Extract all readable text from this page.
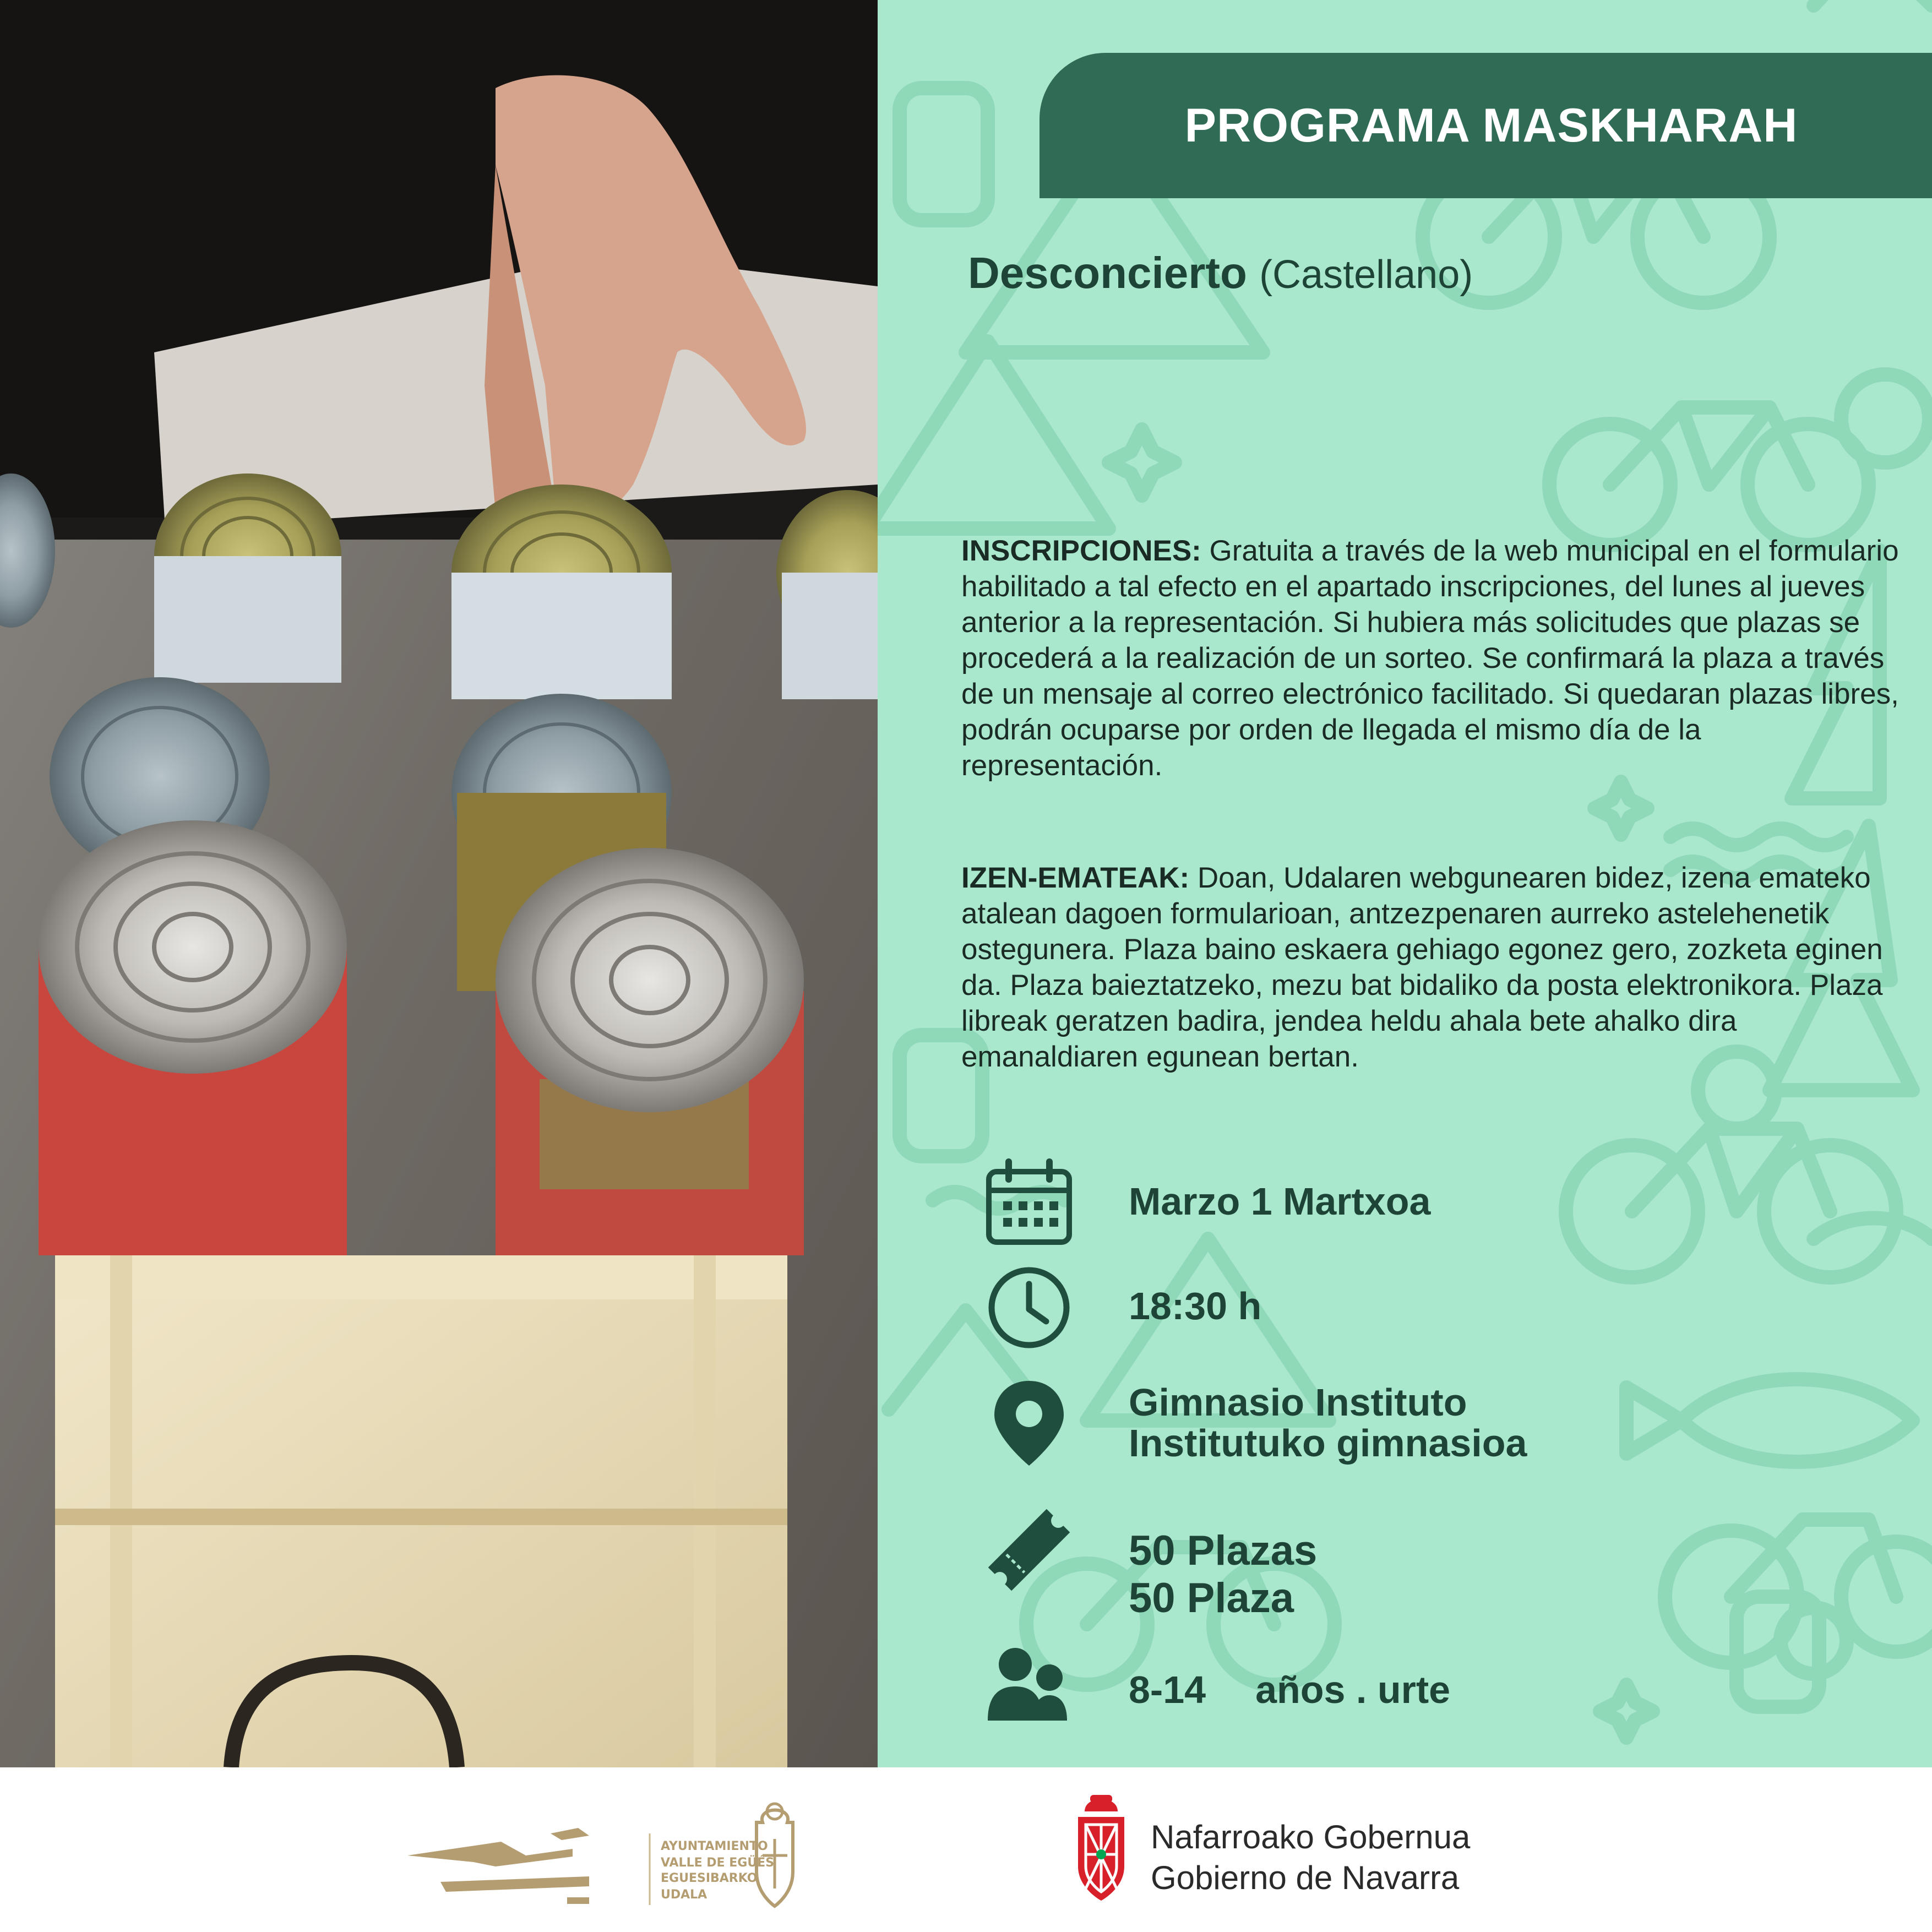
PROGRAMA MASKHARAH
Desconcierto (Castellano)
INSCRIPCIONES: Gratuita a través de la web municipal en el formulario habilitado a tal efecto en el apartado inscripciones, del lunes al jueves anterior a la representación. Si hubiera más solicitudes que plazas se procederá a la realización de un sorteo. Se confirmará la plaza a través de un mensaje al correo electrónico facilitado. Si quedaran plazas libres, podrán ocuparse por orden de llegada el mismo día de la representación.
IZEN-EMATEAK: Doan, Udalaren webgunearen bidez, izena emateko atalean dagoen formularioan, antzezpenaren aurreko astelehenetik ostegunera. Plaza baino eskaera gehiago egonez gero, zozketa eginen da. Plaza baieztatzeko, mezu bat bidaliko da posta elektronikora. Plaza libreak geratzen badira, jendea heldu ahala bete ahalko dira emanaldiaren egunean bertan.
Marzo 1 Martxoa
18:30 h
Gimnasio Instituto
Institutuko gimnasioa
50 Plazas
50 Plaza
8-14 años . urte
AYUNTAMIENTO
VALLE DE EGÜÉS
EGUESIBARKO
UDALA
Nafarroako Gobernua
Gobierno de Navarra
